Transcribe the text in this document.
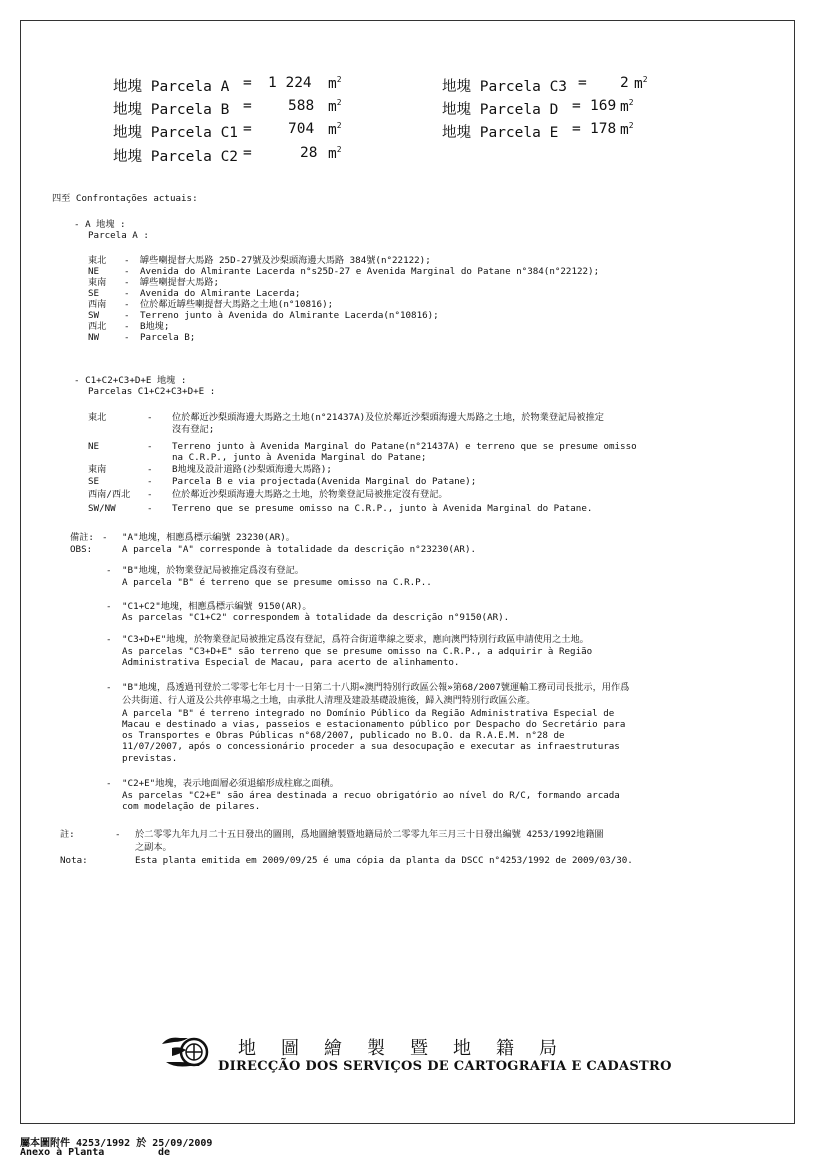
地塊 Parcela A = 1 224 $m^2$
地塊 Parcela B =	588 $m^2$
地塊 Parcela C1 =	704 $m^2$
地塊 Parcela C2 =	28 $m^2$
地塊 Parcela C3 = 2 $m^2$
地塊 Parcela D = 169 $m^2$
地塊 Parcela E = 178 $m^2$
四至 Confrontações actuais:
- A 地塊 :
Parcela A :
東北 - 罅些喇提督大馬路 25D-27號及沙梨頭海邊大馬路 384號(n°22122);
NE	- Avenida do Almirante Lacerda n°s25D-27 e Avenida Marginal do Patane n°384(n°22122);
東南 - 罅些喇提督大馬路;
SE	- Avenida do Almirante Lacerda;
西南 - 位於鄰近罅些喇提督大馬路之土地(n°10816);
SW	- Terreno junto à Avenida do Almirante Lacerda(n°10816);
西北 - B地塊;
NW	- Parcela B;
- C1+C2+C3+D+E 地塊 :
Parcelas C1+C2+C3+D+E :
東北	- 位於鄰近沙梨頭海邊大馬路之土地(n°21437A)及位於鄰近沙梨頭海邊大馬路之土地，於物業登記局被推定
沒有登記;
NE	- Terreno junto à Avenida Marginal do Patane(n°21437A) e terreno que se presume omisso
na C.R.P., junto à Avenida Marginal do Patane;
東南	- B地塊及設計道路(沙梨頭海邊大馬路);
SE	- Parcela B e via projectada(Avenida Marginal do Patane);
西南/西北 - 位於鄰近沙梨頭海邊大馬路之土地，於物業登記局被推定沒有登記。
SW/NW	- Terreno que se presume omisso na C.R.P., junto à Avenida Marginal do Patane.
備註: -
OBS:
"A"地塊，相應爲標示編號 23230(AR)。
A parcela "A" corresponde à totalidade da descrição n°23230(AR).
- "B"地塊，於物業登記局被推定爲沒有登記。
A parcela "B" é terreno que se presume omisso na C.R.P..
- "C1+C2"地塊，相應爲標示編號 9150(AR)。
As parcelas "C1+C2" correspondem à totalidade da descrição n°9150(AR).
- "C3+D+E"地塊，於物業登記局被推定爲沒有登記，爲符合街道準線之要求，應向澳門特別行政區申請使用之土地。
As parcelas "C3+D+E" são terreno que se presume omisso na C.R.P., a adquirir à Região
Administrativa Especial de Macau, para acerto de alinhamento.
- "B"地塊，爲透過刊登於二零零七年七月十一日第二十八期«澳門特別行政區公報»第68/2007號運輸工務司司長批示，用作爲
公共街道、行人道及公共停車場之土地，由承批人清理及建設基礎設施後，歸入澳門特別行政區公產。
A parcela "B" é terreno integrado no Domínio Público da Região Administrativa Especial de
Macau e destinado a vias, passeios e estacionamento público por Despacho do Secretário para
os Transportes e Obras Públicas n°68/2007, publicado no B.O. da R.A.E.M. n°28 de
11/07/2007, após o concessionário proceder a sua desocupação e executar as infraestruturas
previstas.
- "C2+E"地塊，表示地面層必須退縮形成柱廊之面積。
As parcelas "C2+E" são área destinada a recuo obrigatório ao nível do R/C, formando arcada
com modelação de pilares.
註:	- 於二零零九年九月二十五日發出的圖則，爲地圖繪製暨地籍局於二零零九年三月三十日發出編號 4253/1992地籍圖
之副本。
Nota:	Esta planta emitida em 2009/09/25 é uma cópia da planta da DSCC n°4253/1992 de 2009/03/30.
地圖繪製暨地籍局
DIRECÇÃO DOS SERVIÇOS DE CARTOGRAFIA E CADASTRO
屬本圖附件 4253/1992 於 25/09/2009
Anexo à Planta	de
